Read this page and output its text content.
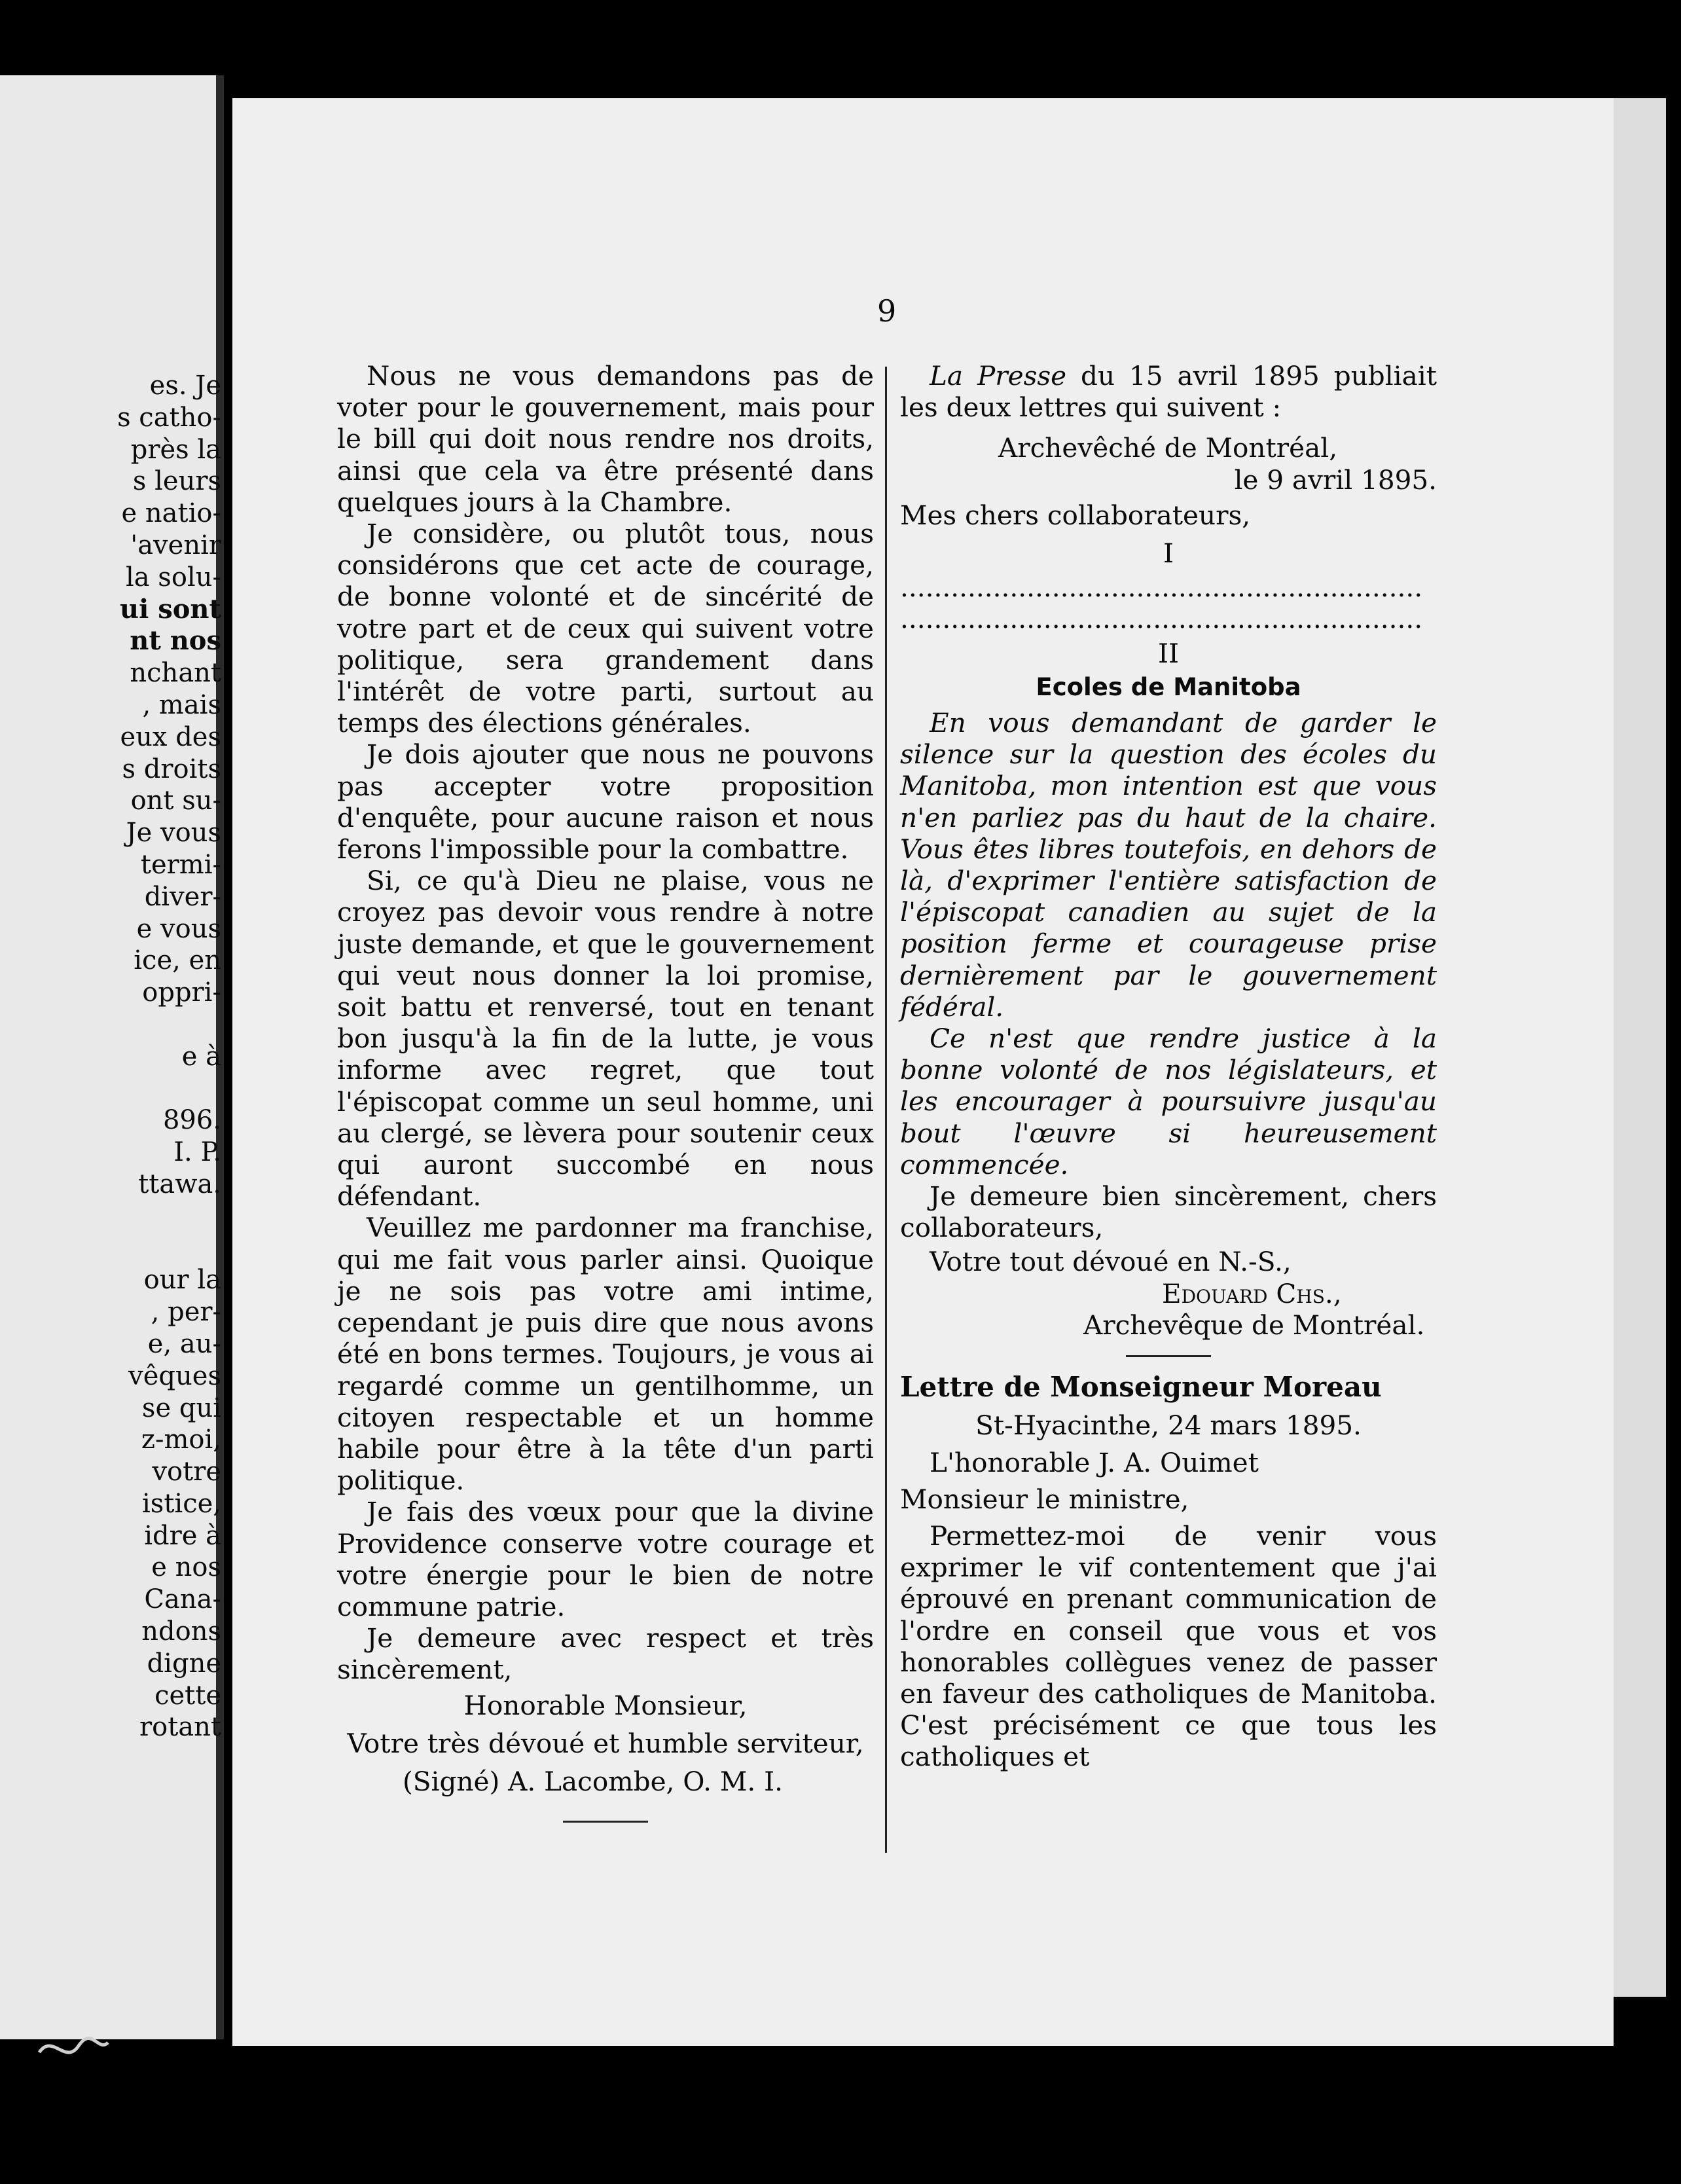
es. Je
s catho-
près la
s leurs
e natio-
'avenir
la solu-
ui sont
nt nos
nchant
, mais
eux des
s droits
ont su-
Je vous
termi-
diver-
e vous
ice, en
oppri-
e à
896.
I. P.
ttawa.
our la
, per-
e, au-
vêques
se qui
z-moi,
votre
istice,
idre à
e nos
Cana-
ndons
digne
cette
rotant
9

Nous ne vous demandons pas de voter pour le gouvernement, mais pour le bill qui doit nous rendre nos droits, ainsi que cela va être présenté dans quelques jours à la Chambre.

Je considère, ou plutôt tous, nous considérons que cet acte de courage, de bonne volonté et de sincérité de votre part et de ceux qui suivent votre politique, sera grandement dans l'intérêt de votre parti, surtout au temps des élections générales.

Je dois ajouter que nous ne pouvons pas accepter votre proposition d'enquête, pour aucune raison et nous ferons l'impossible pour la combattre.

Si, ce qu'à Dieu ne plaise, vous ne croyez pas devoir vous rendre à notre juste demande, et que le gouvernement qui veut nous donner la loi promise, soit battu et renversé, tout en tenant bon jusqu'à la fin de la lutte, je vous informe avec regret, que tout l'épiscopat comme un seul homme, uni au clergé, se lèvera pour soutenir ceux qui auront succombé en nous défendant.

Veuillez me pardonner ma franchise, qui me fait vous parler ainsi. Quoique je ne sois pas votre ami intime, cependant je puis dire que nous avons été en bons termes. Toujours, je vous ai regardé comme un gentilhomme, un citoyen respectable et un homme habile pour être à la tête d'un parti politique.

Je fais des vœux pour que la divine Providence conserve votre courage et votre énergie pour le bien de notre commune patrie.

Je demeure avec respect et très sincèrement,

Honorable Monsieur,

Votre très dévoué et humble serviteur,

(Signé) A. Lacombe, O. M. I.

La Presse du 15 avril 1895 publiait les deux lettres qui suivent :

Archevêché de Montréal,

le 9 avril 1895.

Mes chers collaborateurs,

I

..............................................................

..............................................................

II

Ecoles de Manitoba

En vous demandant de garder le silence sur la question des écoles du Manitoba, mon intention est que vous n'en parliez pas du haut de la chaire. Vous êtes libres toutefois, en dehors de là, d'exprimer l'entière satisfaction de l'épiscopat canadien au sujet de la position ferme et courageuse prise dernièrement par le gouvernement fédéral.

Ce n'est que rendre justice à la bonne volonté de nos législateurs, et les encourager à poursuivre jusqu'au bout l'œuvre si heureusement commencée.

Je demeure bien sincèrement, chers collaborateurs,

Votre tout dévoué en N.-S.,

Edouard Chs.,

Archevêque de Montréal.

Lettre de Monseigneur Moreau

St-Hyacinthe, 24 mars 1895.

L'honorable J. A. Ouimet

Monsieur le ministre,

Permettez-moi de venir vous exprimer le vif contentement que j'ai éprouvé en prenant communication de l'ordre en conseil que vous et vos honorables collègues venez de passer en faveur des catholiques de Manitoba. C'est précisément ce que tous les catholiques et
